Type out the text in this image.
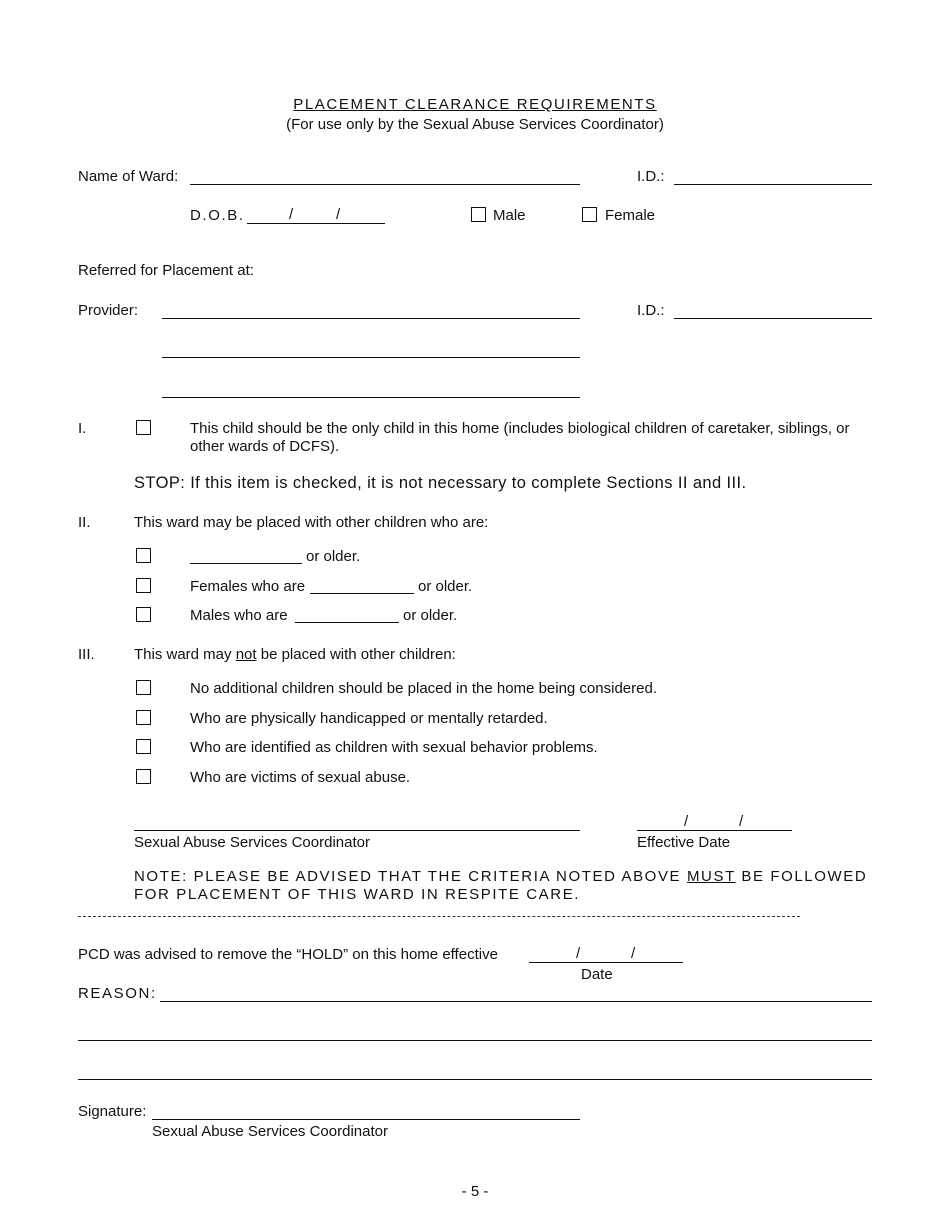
PLACEMENT CLEARANCE REQUIREMENTS
(For use only by the Sexual Abuse Services Coordinator)
Name of Ward:	I.D.:
D.O.B.	/	/	Male	Female
Referred for Placement at:
Provider:	I.D.:
I.	This child should be the only child in this home (includes biological children of caretaker, siblings, or other wards of DCFS).
STOP: If this item is checked, it is not necessary to complete Sections II and III.
II.	This ward may be placed with other children who are:
or older.
Females who are	or older.
Males who are	or older.
III.	This ward may not be placed with other children:
No additional children should be placed in the home being considered.
Who are physically handicapped or mentally retarded.
Who are identified as children with sexual behavior problems.
Who are victims of sexual abuse.
Sexual Abuse Services Coordinator
/	/
Effective Date
NOTE: PLEASE BE ADVISED THAT THE CRITERIA NOTED ABOVE MUST BE FOLLOWED
FOR PLACEMENT OF THIS WARD IN RESPITE CARE.
PCD was advised to remove the “HOLD” on this home effective	/	/
Date
REASON:
Signature:
Sexual Abuse Services Coordinator
- 5 -
